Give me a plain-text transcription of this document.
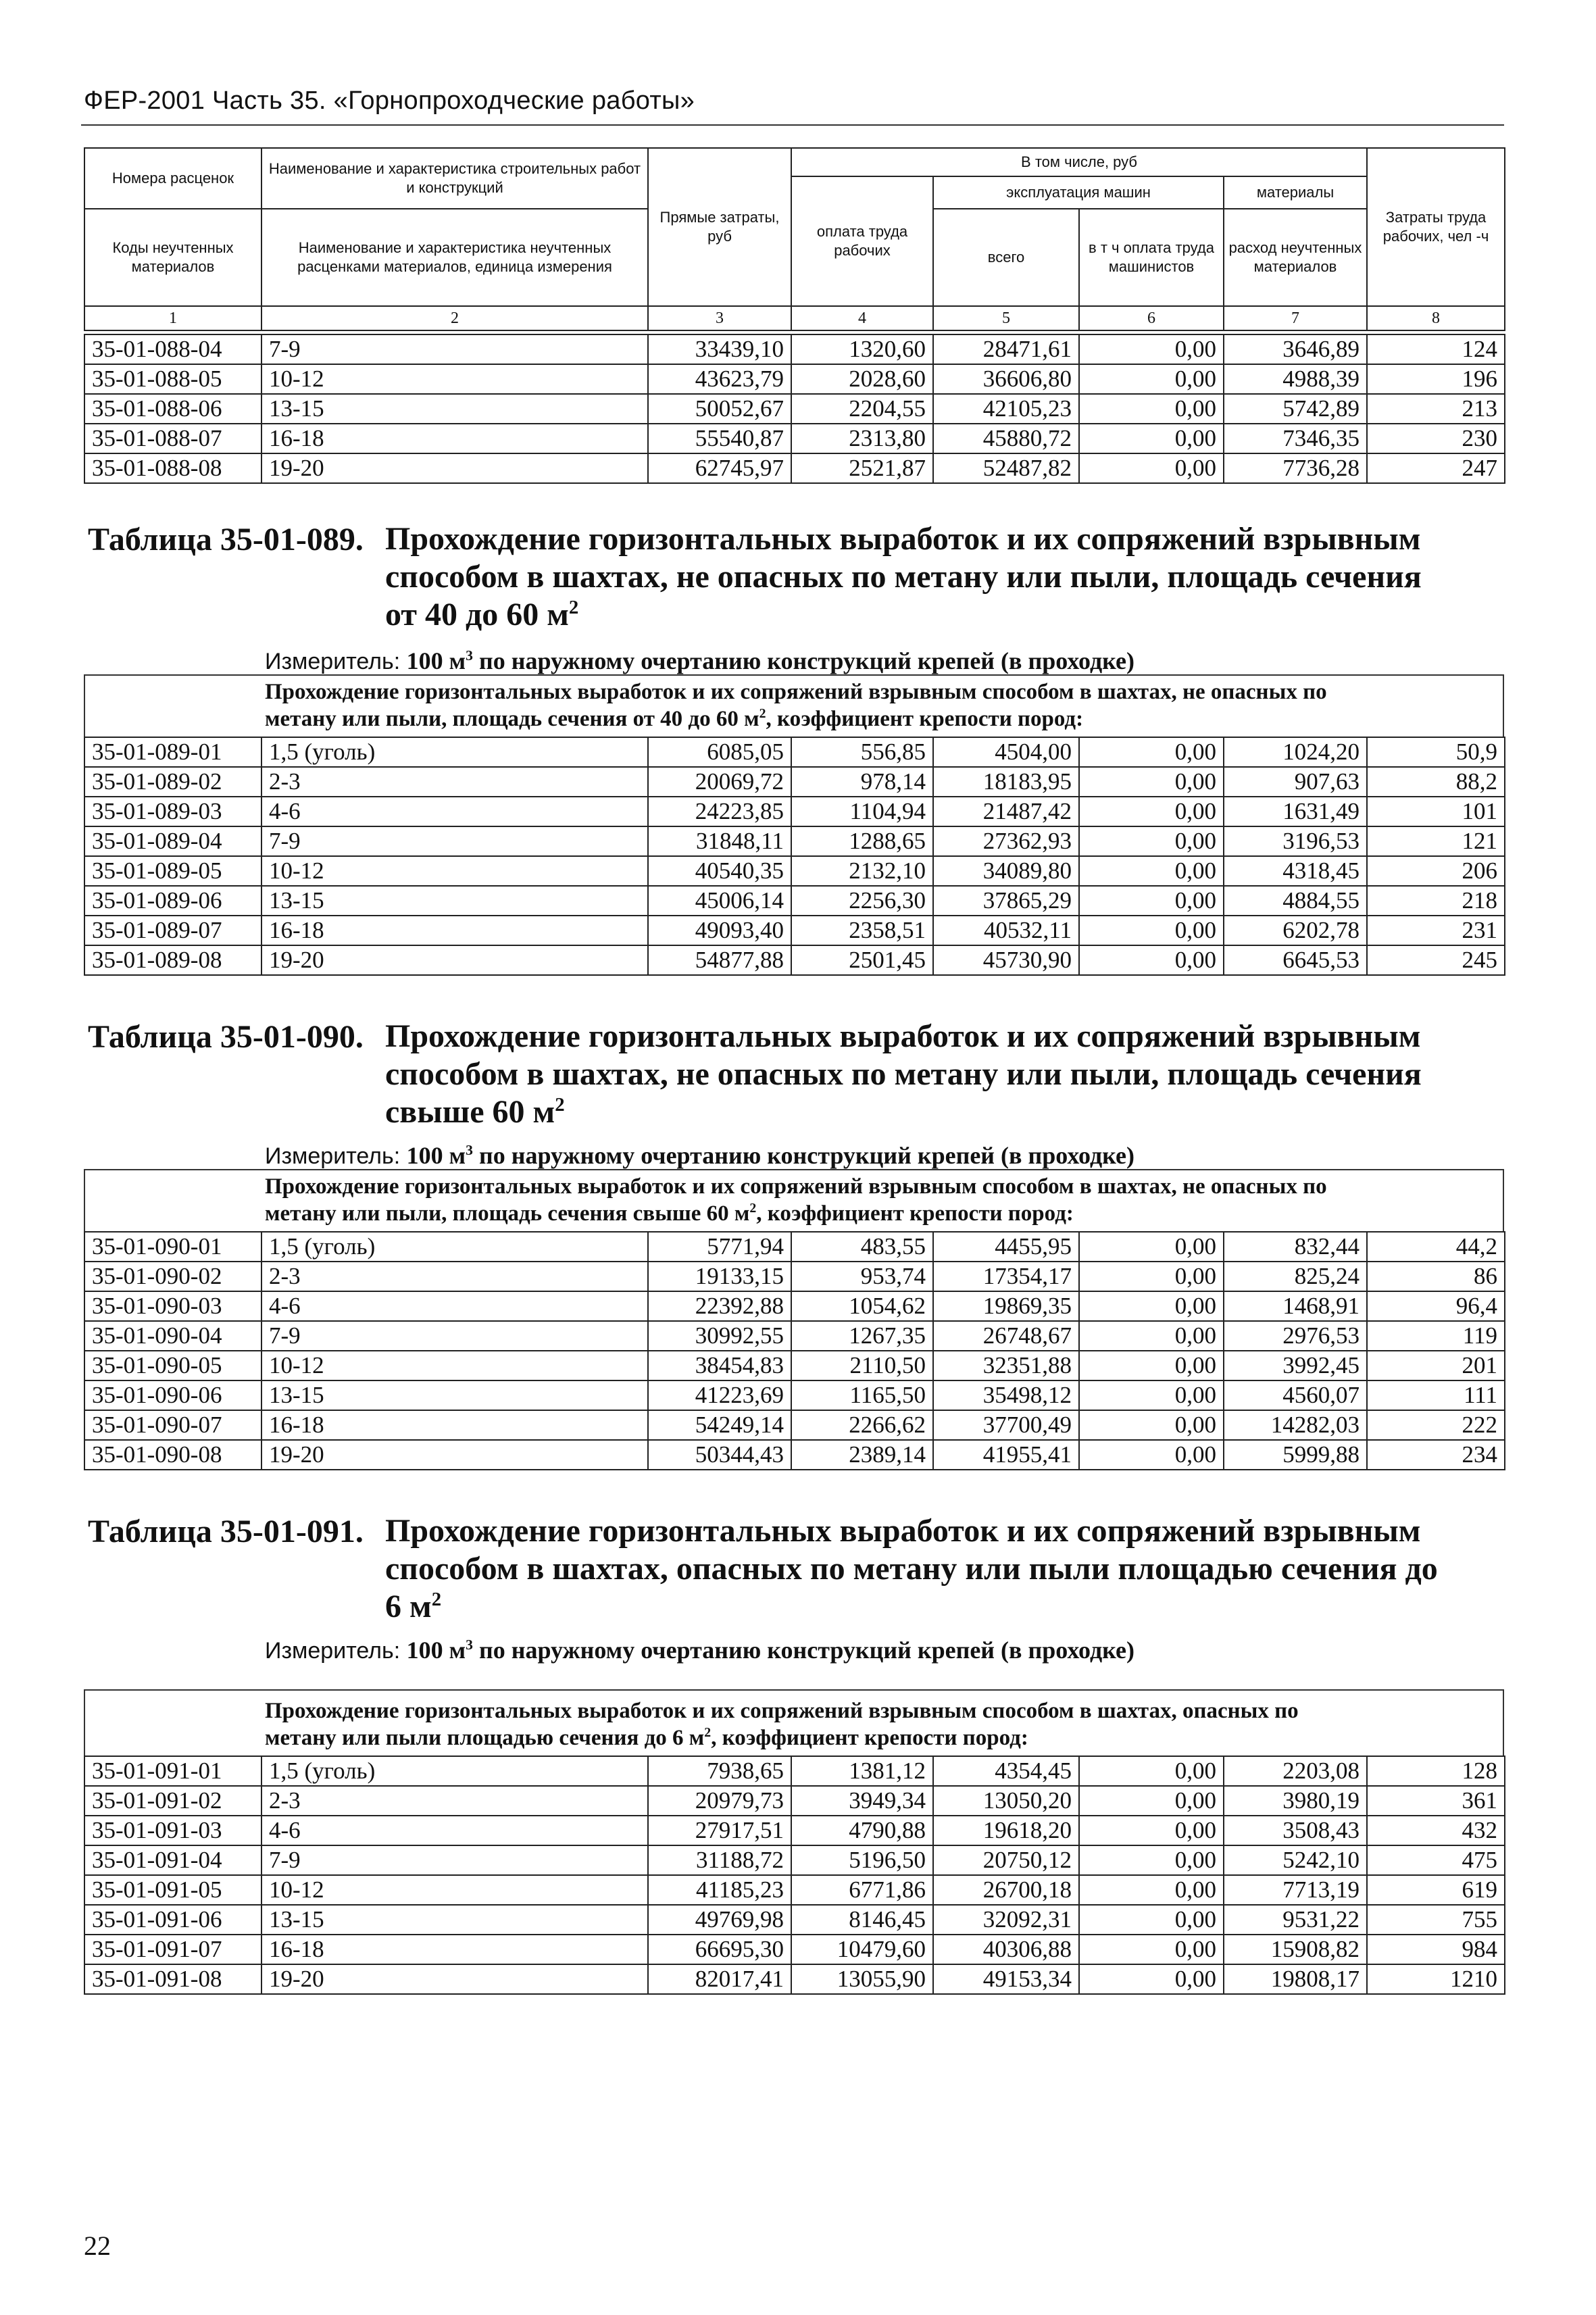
ФЕР-2001 Часть 35. «Горнопроходческие работы»
Номера расценок	Наименование и характеристика строительных работ и конструкций	Прямые затраты, руб	В том числе, руб				Затраты труда рабочих, чел -ч
			оплата труда рабочих	эксплуатация машин		материалы	
Коды неучтенных материалов	Наименование и характеристика неучтенных расценками материалов, единица измерения			всего	в т ч оплата труда машинистов	расход неучтенных материалов	

1	2	3	4	5	6	7	8
35-01-088-04	7-9	33439,10	1320,60	28471,61	0,00	3646,89	124
35-01-088-05	10-12	43623,79	2028,60	36606,80	0,00	4988,39	196
35-01-088-06	13-15	50052,67	2204,55	42105,23	0,00	5742,89	213
35-01-088-07	16-18	55540,87	2313,80	45880,72	0,00	7346,35	230
35-01-088-08	19-20	62745,97	2521,87	52487,82	0,00	7736,28	247
Таблица 35-01-089. Прохождение горизонтальных выработок и их сопряжений взрывным
способом в шахтах, не опасных по метану или пыли, площадь сечения
от 40 до 60 $м^2$
Измеритель: 100 $м^3$ по наружному очертанию конструкций крепей (в проходке)
Прохождение горизонтальных выработок и их сопряжений взрывным способом в шахтах, не опасных по
метану или пыли, площадь сечения от 40 до 60 $м^2$, коэффициент крепости пород:
35-01-089-01	1,5 (уголь)	6085,05	556,85	4504,00	0,00	1024,20	50,9
35-01-089-02	2-3	20069,72	978,14	18183,95	0,00	907,63	88,2
35-01-089-03	4-6	24223,85	1104,94	21487,42	0,00	1631,49	101
35-01-089-04	7-9	31848,11	1288,65	27362,93	0,00	3196,53	121
35-01-089-05	10-12	40540,35	2132,10	34089,80	0,00	4318,45	206
35-01-089-06	13-15	45006,14	2256,30	37865,29	0,00	4884,55	218
35-01-089-07	16-18	49093,40	2358,51	40532,11	0,00	6202,78	231
35-01-089-08	19-20	54877,88	2501,45	45730,90	0,00	6645,53	245
Таблица 35-01-090. Прохождение горизонтальных выработок и их сопряжений взрывным
способом в шахтах, не опасных по метану или пыли, площадь сечения
свыше 60 $м^2$
Измеритель: 100 $м^3$ по наружному очертанию конструкций крепей (в проходке)
Прохождение горизонтальных выработок и их сопряжений взрывным способом в шахтах, не опасных по
метану или пыли, площадь сечения свыше 60 $м^2$, коэффициент крепости пород:
35-01-090-01	1,5 (уголь)	5771,94	483,55	4455,95	0,00	832,44	44,2
35-01-090-02	2-3	19133,15	953,74	17354,17	0,00	825,24	86
35-01-090-03	4-6	22392,88	1054,62	19869,35	0,00	1468,91	96,4
35-01-090-04	7-9	30992,55	1267,35	26748,67	0,00	2976,53	119
35-01-090-05	10-12	38454,83	2110,50	32351,88	0,00	3992,45	201
35-01-090-06	13-15	41223,69	1165,50	35498,12	0,00	4560,07	111
35-01-090-07	16-18	54249,14	2266,62	37700,49	0,00	14282,03	222
35-01-090-08	19-20	50344,43	2389,14	41955,41	0,00	5999,88	234
Таблица 35-01-091. Прохождение горизонтальных выработок и их сопряжений взрывным
способом в шахтах, опасных по метану или пыли площадью сечения до
6 $м^2$
Измеритель: 100 $м^3$ по наружному очертанию конструкций крепей (в проходке)
Прохождение горизонтальных выработок и их сопряжений взрывным способом в шахтах, опасных по
метану или пыли площадью сечения до 6 $м^2$, коэффициент крепости пород:
35-01-091-01	1,5 (уголь)	7938,65	1381,12	4354,45	0,00	2203,08	128
35-01-091-02	2-3	20979,73	3949,34	13050,20	0,00	3980,19	361
35-01-091-03	4-6	27917,51	4790,88	19618,20	0,00	3508,43	432
35-01-091-04	7-9	31188,72	5196,50	20750,12	0,00	5242,10	475
35-01-091-05	10-12	41185,23	6771,86	26700,18	0,00	7713,19	619
35-01-091-06	13-15	49769,98	8146,45	32092,31	0,00	9531,22	755
35-01-091-07	16-18	66695,30	10479,60	40306,88	0,00	15908,82	984
35-01-091-08	19-20	82017,41	13055,90	49153,34	0,00	19808,17	1210
22
